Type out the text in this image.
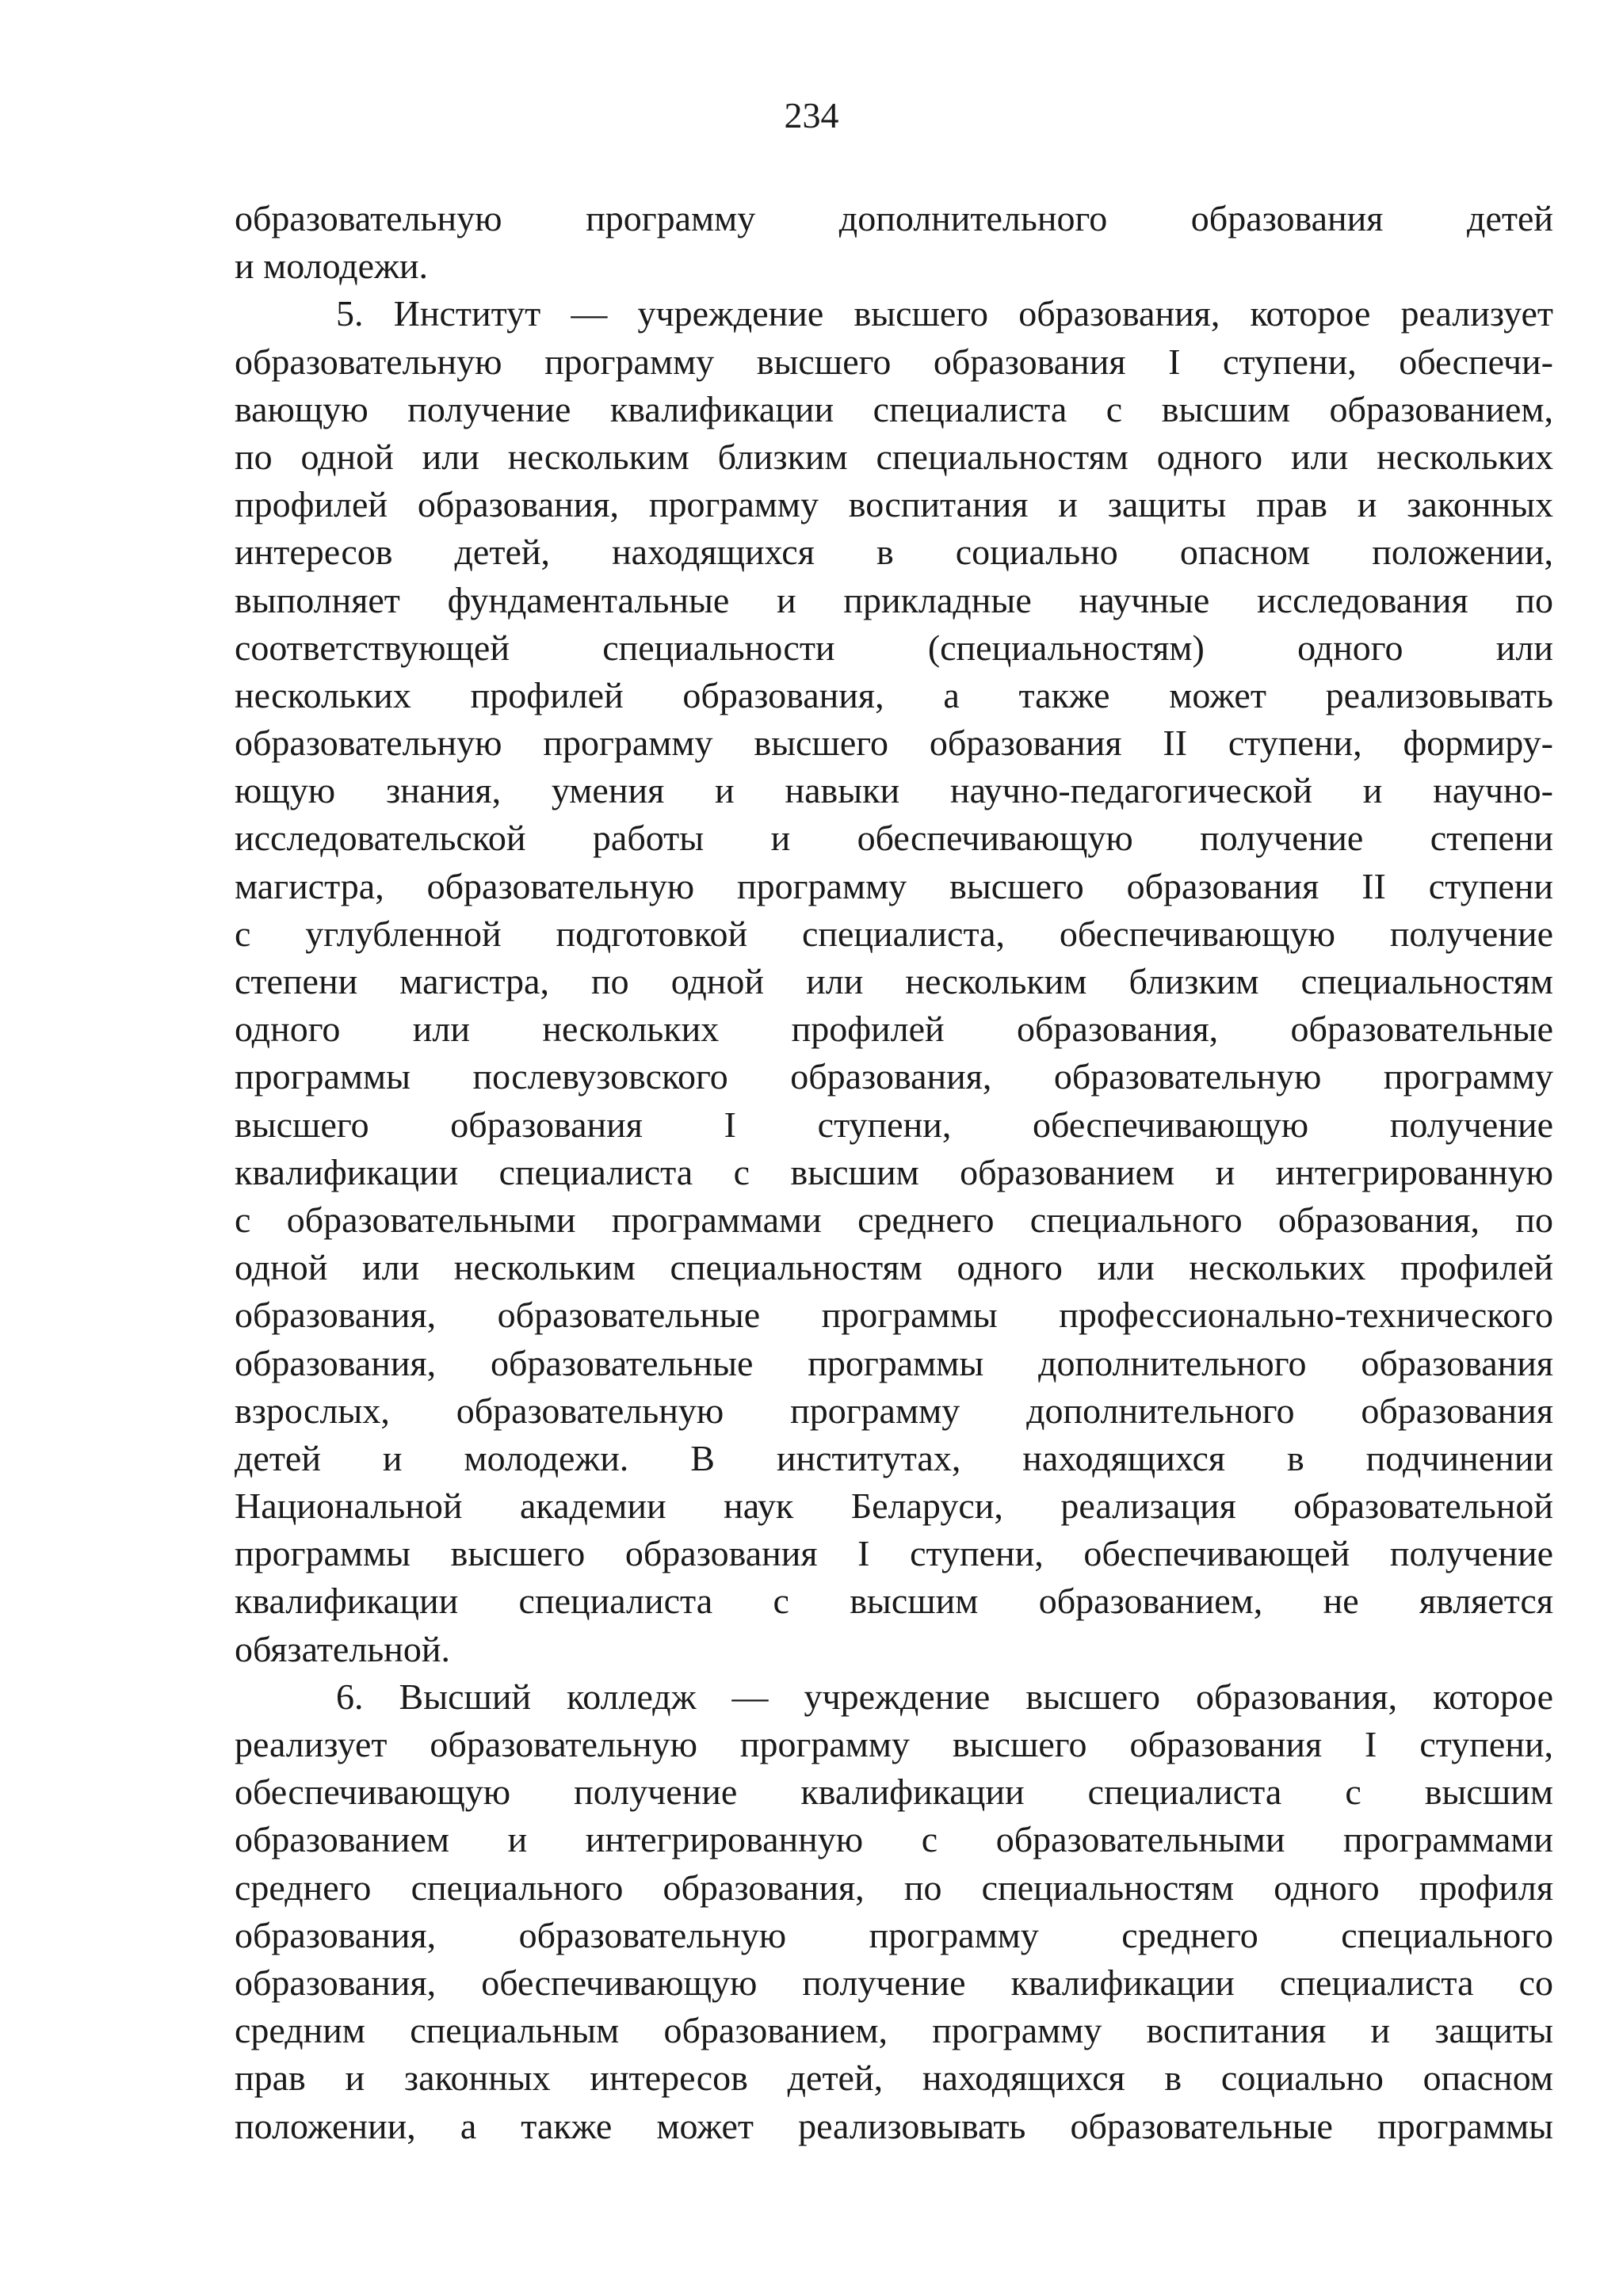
234
образовательную программу дополнительного образования детей
и молодежи.
5. Институт — учреждение высшего образования, которое реализует
образовательную программу высшего образования I ступени, обеспечи-
вающую получение квалификации специалиста с высшим образованием,
по одной или нескольким близким специальностям одного или нескольких
профилей образования, программу воспитания и защиты прав и законных
интересов детей, находящихся в социально опасном положении,
выполняет фундаментальные и прикладные научные исследования по
соответствующей специальности (специальностям) одного или
нескольких профилей образования, а также может реализовывать
образовательную программу высшего образования II ступени, формиру-
ющую знания, умения и навыки научно-педагогической и научно-
исследовательской работы и обеспечивающую получение степени
магистра, образовательную программу высшего образования II ступени
с углубленной подготовкой специалиста, обеспечивающую получение
степени магистра, по одной или нескольким близким специальностям
одного или нескольких профилей образования, образовательные
программы послевузовского образования, образовательную программу
высшего образования I ступени, обеспечивающую получение
квалификации специалиста с высшим образованием и интегрированную
с образовательными программами среднего специального образования, по
одной или нескольким специальностям одного или нескольких профилей
образования, образовательные программы профессионально-технического
образования, образовательные программы дополнительного образования
взрослых, образовательную программу дополнительного образования
детей и молодежи. В институтах, находящихся в подчинении
Национальной академии наук Беларуси, реализация образовательной
программы высшего образования I ступени, обеспечивающей получение
квалификации специалиста с высшим образованием, не является
обязательной.
6. Высший колледж — учреждение высшего образования, которое
реализует образовательную программу высшего образования I ступени,
обеспечивающую получение квалификации специалиста с высшим
образованием и интегрированную с образовательными программами
среднего специального образования, по специальностям одного профиля
образования, образовательную программу среднего специального
образования, обеспечивающую получение квалификации специалиста со
средним специальным образованием, программу воспитания и защиты
прав и законных интересов детей, находящихся в социально опасном
положении, а также может реализовывать образовательные программы
